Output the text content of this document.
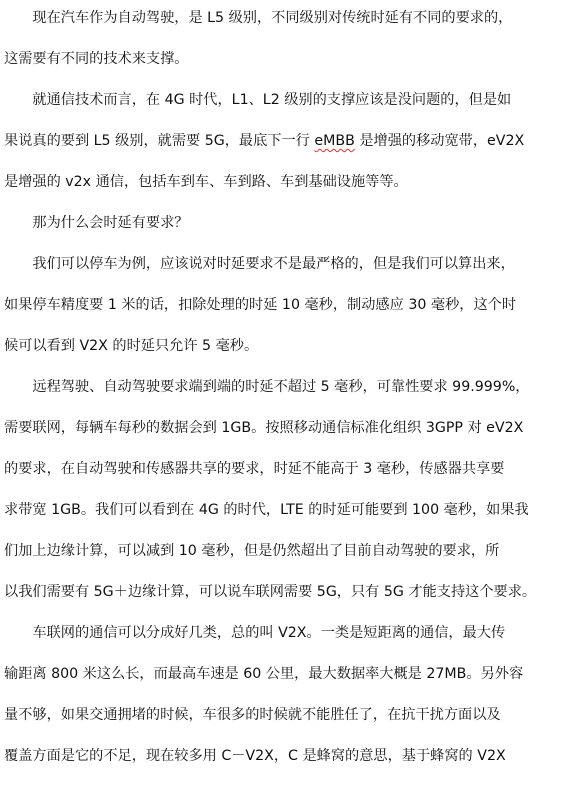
　　现在汽车作为自动驾驶，是 L5 级别，不同级别对传统时延有不同的要求的，
这需要有不同的技术来支撑。
　　就通信技术而言，在 4G 时代，L1、L2 级别的支撑应该是没问题的，但是如
果说真的要到 L5 级别，就需要 5G，最底下一行 eMBB 是增强的移动宽带，eV2X
是增强的 v2x 通信，包括车到车、车到路、车到基础设施等等。
　　那为什么会时延有要求？
　　我们可以停车为例，应该说对时延要求不是最严格的，但是我们可以算出来，
如果停车精度要 1 米的话，扣除处理的时延 10 毫秒，制动感应 30 毫秒，这个时
候可以看到 V2X 的时延只允许 5 毫秒。
　　远程驾驶、自动驾驶要求端到端的时延不超过 5 毫秒，可靠性要求 99.999%，
需要联网，每辆车每秒的数据会到 1GB。按照移动通信标准化组织 3GPP 对 eV2X
的要求，在自动驾驶和传感器共享的要求，时延不能高于 3 毫秒，传感器共享要
求带宽 1GB。我们可以看到在 4G 的时代，LTE 的时延可能要到 100 毫秒，如果我
们加上边缘计算，可以减到 10 毫秒，但是仍然超出了目前自动驾驶的要求，所
以我们需要有 5G＋边缘计算，可以说车联网需要 5G，只有 5G 才能支持这个要求。
　　车联网的通信可以分成好几类，总的叫 V2X。一类是短距离的通信，最大传
输距离 800 米这么长，而最高车速是 60 公里，最大数据率大概是 27MB。另外容
量不够，如果交通拥堵的时候，车很多的时候就不能胜任了，在抗干扰方面以及
覆盖方面是它的不足，现在较多用 C－V2X，C 是蜂窝的意思，基于蜂窝的 V2X
